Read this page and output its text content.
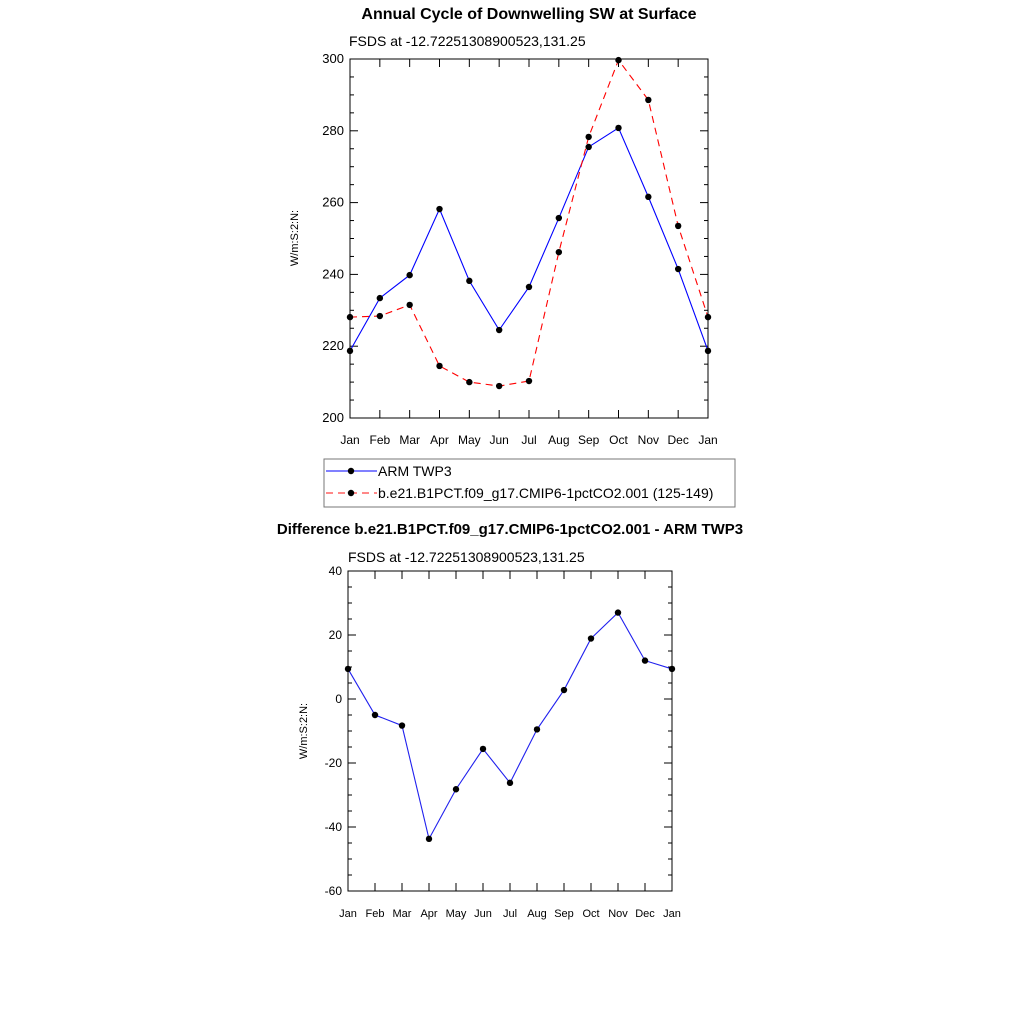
Annual Cycle of Downwelling SW at Surface
FSDS at -12.72251308900523,131.25
W/m:S:2:N:
200
220
240
260
280
300
Jan Feb Mar Apr May Jun Jul Aug Sep Oct Nov Dec Jan
ARM TWP3
b.e21.B1PCT.f09_g17.CMIP6-1pctCO2.001 (125-149)
Difference b.e21.B1PCT.f09_g17.CMIP6-1pctCO2.001 - ARM TWP3
FSDS at -12.72251308900523,131.25
W/m:S:2:N:
-60
-40
-20
0
20
40
Jan Feb Mar Apr May Jun Jul Aug Sep Oct Nov Dec Jan
